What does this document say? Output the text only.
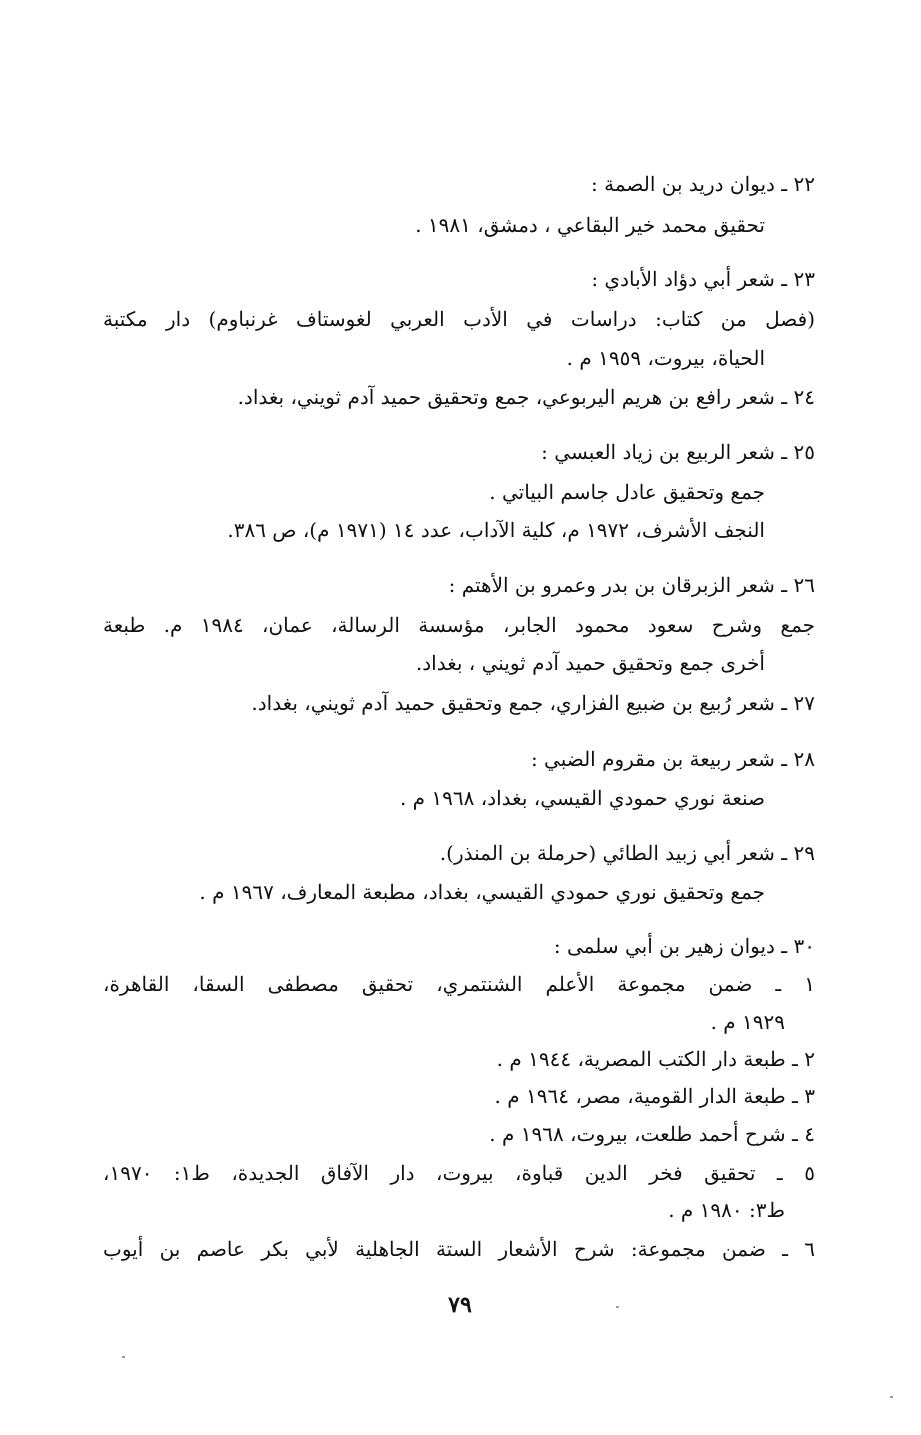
٢٢ ـ ديوان دريد بن الصمة :
تحقيق محمد خير البقاعي ، دمشق، ١٩٨١ .
٢٣ ـ شعر أبي دؤاد الأبادي :
(فصل من كتاب: دراسات في الأدب العربي لغوستاف غرنباوم) دار مكتبة
الحياة، بيروت، ١٩٥٩ م .
٢٤ ـ شعر رافع بن هريم اليربوعي، جمع وتحقيق حميد آدم ثويني، بغداد.
٢٥ ـ شعر الربيع بن زياد العبسي :
جمع وتحقيق عادل جاسم البياتي .
النجف الأشرف، ١٩٧٢ م، كلية الآداب، عدد ١٤ (١٩٧١ م)، ص ٣٨٦.
٢٦ ـ شعر الزبرقان بن بدر وعمرو بن الأهتم :
جمع وشرح سعود محمود الجابر، مؤسسة الرسالة، عمان، ١٩٨٤ م. طبعة
أخرى جمع وتحقيق حميد آدم ثويني ، بغداد.
٢٧ ـ شعر رُبيع بن ضبيع الفزاري، جمع وتحقيق حميد آدم ثويني، بغداد.
٢٨ ـ شعر ربيعة بن مقروم الضبي :
صنعة نوري حمودي القيسي، بغداد، ١٩٦٨ م .
٢٩ ـ شعر أبي زبيد الطائي (حرملة بن المنذر).
جمع وتحقيق نوري حمودي القيسي، بغداد، مطبعة المعارف، ١٩٦٧ م .
٣٠ ـ ديوان زهير بن أبي سلمى :
١ ـ ضمن مجموعة الأعلم الشنتمري، تحقيق مصطفى السقا، القاهرة،
١٩٢٩ م .
٢ ـ طبعة دار الكتب المصرية، ١٩٤٤ م .
٣ ـ طبعة الدار القومية، مصر، ١٩٦٤ م .
٤ ـ شرح أحمد طلعت، بيروت، ١٩٦٨ م .
٥ ـ تحقيق فخر الدين قباوة، بيروت، دار الآفاق الجديدة، ط١: ١٩٧٠،
ط٣: ١٩٨٠ م .
٦ ـ ضمن مجموعة: شرح الأشعار الستة الجاهلية لأبي بكر عاصم بن أيوب
٧٩
